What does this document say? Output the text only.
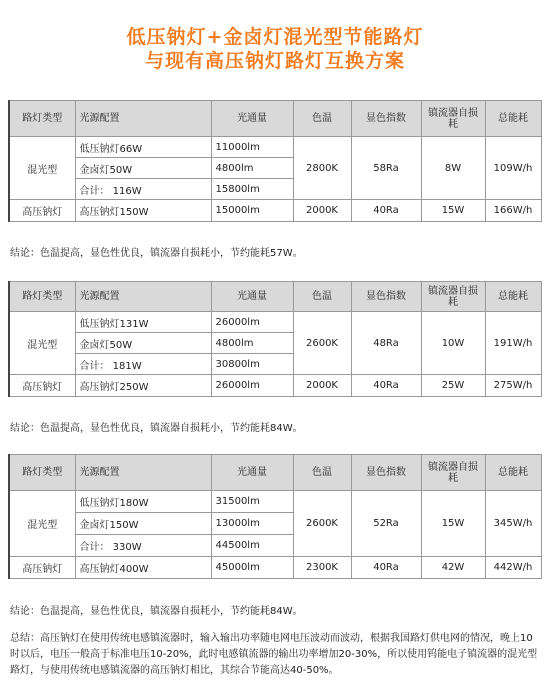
低压钠灯+金卤灯混光型节能路灯
与现有高压钠灯路灯互换方案
路灯类型	光源配置	光通量	色温	显色指数	镇流器自损耗	总能耗
混光型	低压钠灯66W	11000lm	2800K	58Ra	8W	109W/h
	金卤灯50W	4800lm				
	合计： 116W	15800lm				
高压钠灯	高压钠灯150W	15000lm	2000K	40Ra	15W	166W/h
结论：色温提高，显色性优良，镇流器自损耗小，节约能耗57W。
路灯类型	光源配置	光通量	色温	显色指数	镇流器自损耗	总能耗
混光型	低压钠灯131W	26000lm	2600K	48Ra	10W	191W/h
	金卤灯50W	4800lm				
	合计： 181W	30800lm				
高压钠灯	高压钠灯250W	26000lm	2000K	40Ra	25W	275W/h
结论：色温提高，显色性优良，镇流器自损耗小，节约能耗84W。
路灯类型	光源配置	光通量	色温	显色指数	镇流器自损耗	总能耗
混光型	低压钠灯180W	31500lm	2600K	52Ra	15W	345W/h
	金卤灯150W	13000lm				
	合计： 330W	44500lm				
高压钠灯	高压钠灯400W	45000lm	2300K	40Ra	42W	442W/h
结论：色温提高，显色性优良，镇流器自损耗小，节约能耗84W。
总结：高压钠灯在使用传统电感镇流器时，输入输出功率随电网电压波动而波动，根据我国路灯供电网的情况，晚上10时以后，电压一般高于标准电压10-20%，此时电感镇流器的输出功率增加20-30%，所以使用钨能电子镇流器的混光型路灯，与使用传统电感镇流器的高压钠灯相比，其综合节能高达40-50%。
